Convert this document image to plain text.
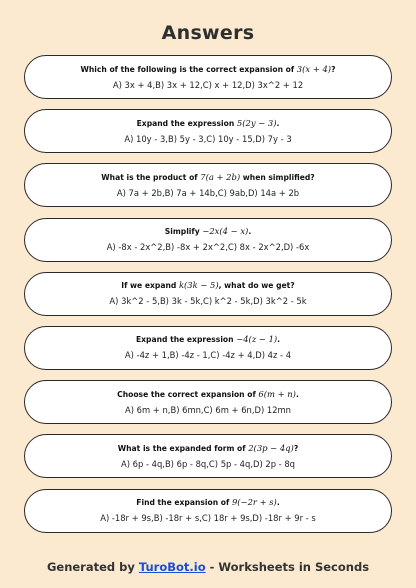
Answers
Which of the following is the correct expansion of 3(x + 4)?
A) 3x + 4,B) 3x + 12,C) x + 12,D) 3x^2 + 12
Expand the expression 5(2y − 3).
A) 10y - 3,B) 5y - 3,C) 10y - 15,D) 7y - 3
What is the product of 7(a + 2b) when simplified?
A) 7a + 2b,B) 7a + 14b,C) 9ab,D) 14a + 2b
Simplify −2x(4 − x).
A) -8x - 2x^2,B) -8x + 2x^2,C) 8x - 2x^2,D) -6x
If we expand k(3k − 5), what do we get?
A) 3k^2 - 5,B) 3k - 5k,C) k^2 - 5k,D) 3k^2 - 5k
Expand the expression −4(z − 1).
A) -4z + 1,B) -4z - 1,C) -4z + 4,D) 4z - 4
Choose the correct expansion of 6(m + n).
A) 6m + n,B) 6mn,C) 6m + 6n,D) 12mn
What is the expanded form of 2(3p − 4q)?
A) 6p - 4q,B) 6p - 8q,C) 5p - 4q,D) 2p - 8q
Find the expansion of 9(−2r + s).
A) -18r + 9s,B) -18r + s,C) 18r + 9s,D) -18r + 9r - s
Generated by TuroBot.io - Worksheets in Seconds
